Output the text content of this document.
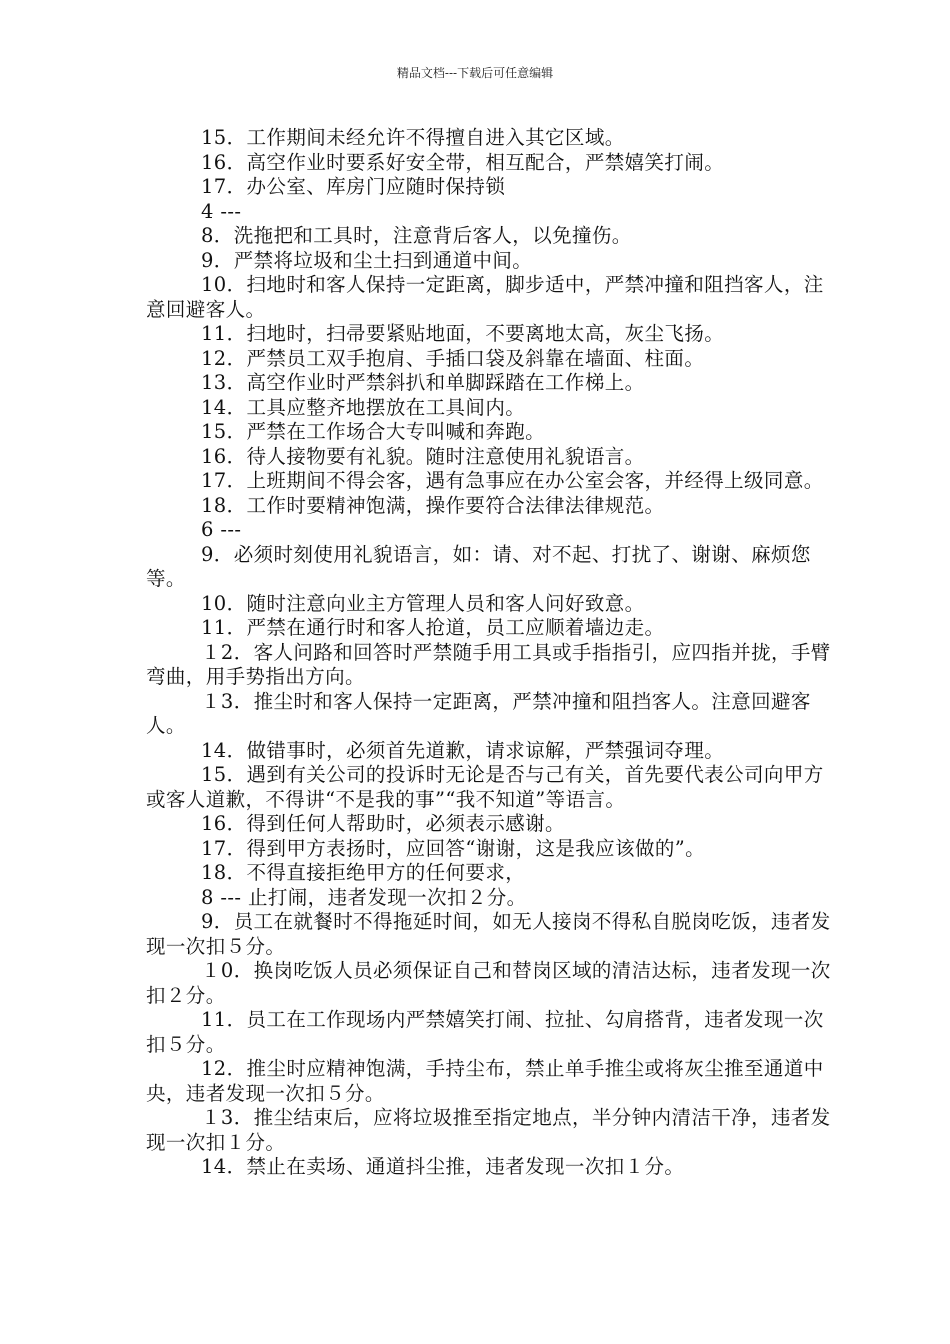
精品文档---下载后可任意编辑

15．工作期间未经允许不得擅自进入其它区域。

16．高空作业时要系好安全带，相互配合，严禁嬉笑打闹。

17．办公室、库房门应随时保持锁

4 ---

8．洗拖把和工具时，注意背后客人，以免撞伤。

9．严禁将垃圾和尘土扫到通道中间。

10．扫地时和客人保持一定距离，脚步适中，严禁冲撞和阻挡客人，注意回避客人。

11．扫地时，扫帚要紧贴地面，不要离地太高，灰尘飞扬。

12．严禁员工双手抱肩、手插口袋及斜靠在墙面、柱面。

13．高空作业时严禁斜扒和单脚踩踏在工作梯上。

14．工具应整齐地摆放在工具间内。

15．严禁在工作场合大专叫喊和奔跑。

16．待人接物要有礼貌。随时注意使用礼貌语言。

17．上班期间不得会客，遇有急事应在办公室会客，并经得上级同意。

18．工作时要精神饱满，操作要符合法律法律规范。

6 ---

9．必须时刻使用礼貌语言，如：请、对不起、打扰了、谢谢、麻烦您等。

10．随时注意向业主方管理人员和客人问好致意。

11．严禁在通行时和客人抢道，员工应顺着墙边走。

１2．客人问路和回答时严禁随手用工具或手指指引，应四指并拢，手臂弯曲，用手势指出方向。

１3．推尘时和客人保持一定距离，严禁冲撞和阻挡客人。注意回避客人。

14．做错事时，必须首先道歉，请求谅解，严禁强词夺理。

15．遇到有关公司的投诉时无论是否与己有关，首先要代表公司向甲方或客人道歉，不得讲“不是我的事”“我不知道”等语言。

16．得到任何人帮助时，必须表示感谢。

17．得到甲方表扬时，应回答“谢谢，这是我应该做的”。

18．不得直接拒绝甲方的任何要求，

8 --- 止打闹，违者发现一次扣２分。

9．员工在就餐时不得拖延时间，如无人接岗不得私自脱岗吃饭，违者发现一次扣５分。

１0．换岗吃饭人员必须保证自己和替岗区域的清洁达标，违者发现一次扣２分。

11．员工在工作现场内严禁嬉笑打闹、拉扯、勾肩搭背，违者发现一次扣５分。

12．推尘时应精神饱满，手持尘布，禁止单手推尘或将灰尘推至通道中央，违者发现一次扣５分。

１3．推尘结束后，应将垃圾推至指定地点，半分钟内清洁干净，违者发现一次扣１分。

14．禁止在卖场、通道抖尘推，违者发现一次扣１分。
